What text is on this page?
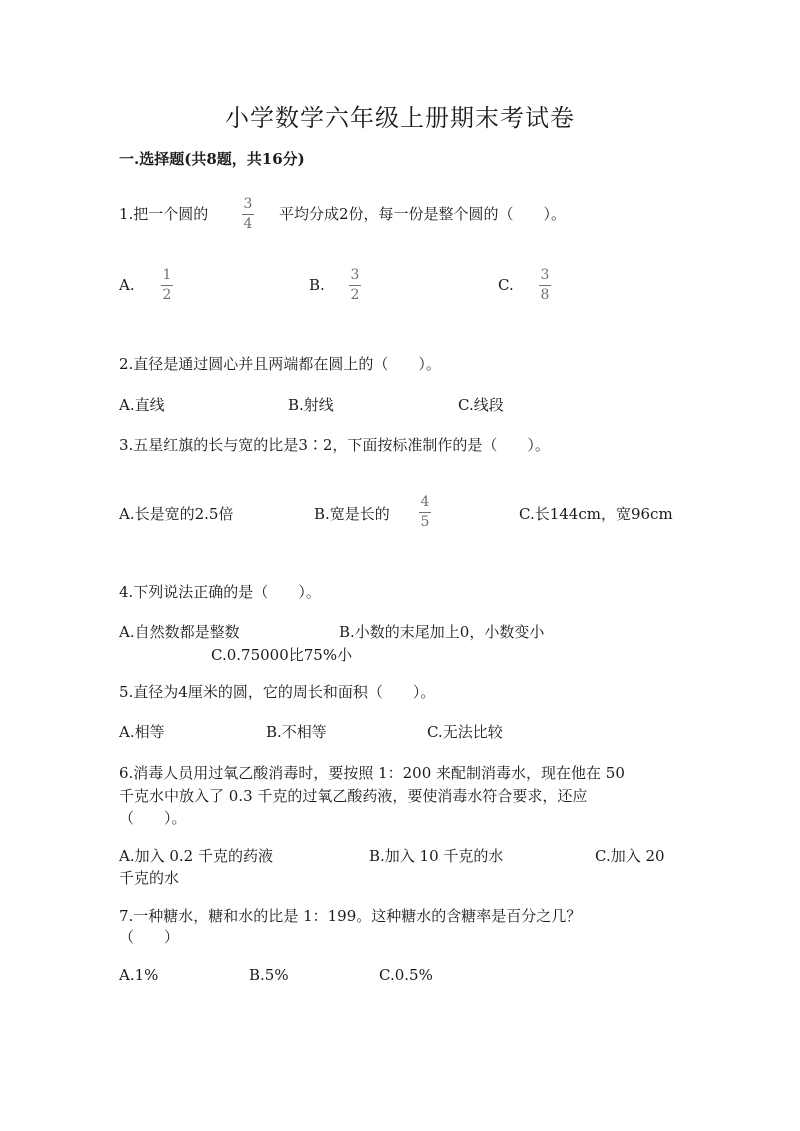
小学数学六年级上册期末考试卷
一.选择题(共8题，共16分)
1.把一个圆的
3
4
平均分成2份，每一份是整个圆的（　　）。
A.
1
2
B.
3
2
C.
3
8
2.直径是通过圆心并且两端都在圆上的（　　）。
A.直线	B.射线	C.线段
3.五星红旗的长与宽的比是3∶2，下面按标准制作的是（　　）。
A.长是宽的2.5倍	B.宽是长的
4
5	C.长144cm，宽96cm
4.下列说法正确的是（　　）。
A.自然数都是整数	B.小数的末尾加上0，小数变小
C.0.75000比75%小
5.直径为4厘米的圆，它的周长和面积（　　）。
A.相等	B.不相等	C.无法比较
6.消毒人员用过氧乙酸消毒时，要按照 1：200 来配制消毒水，现在他在 50
千克水中放入了 0.3 千克的过氧乙酸药液，要使消毒水符合要求，还应
（　　）。
A.加入 0.2 千克的药液	B.加入 10 千克的水	C.加入 20
千克的水
7.一种糖水，糖和水的比是 1：199。这种糖水的含糖率是百分之几？
（　　）
A.1%	B.5%	C.0.5%
